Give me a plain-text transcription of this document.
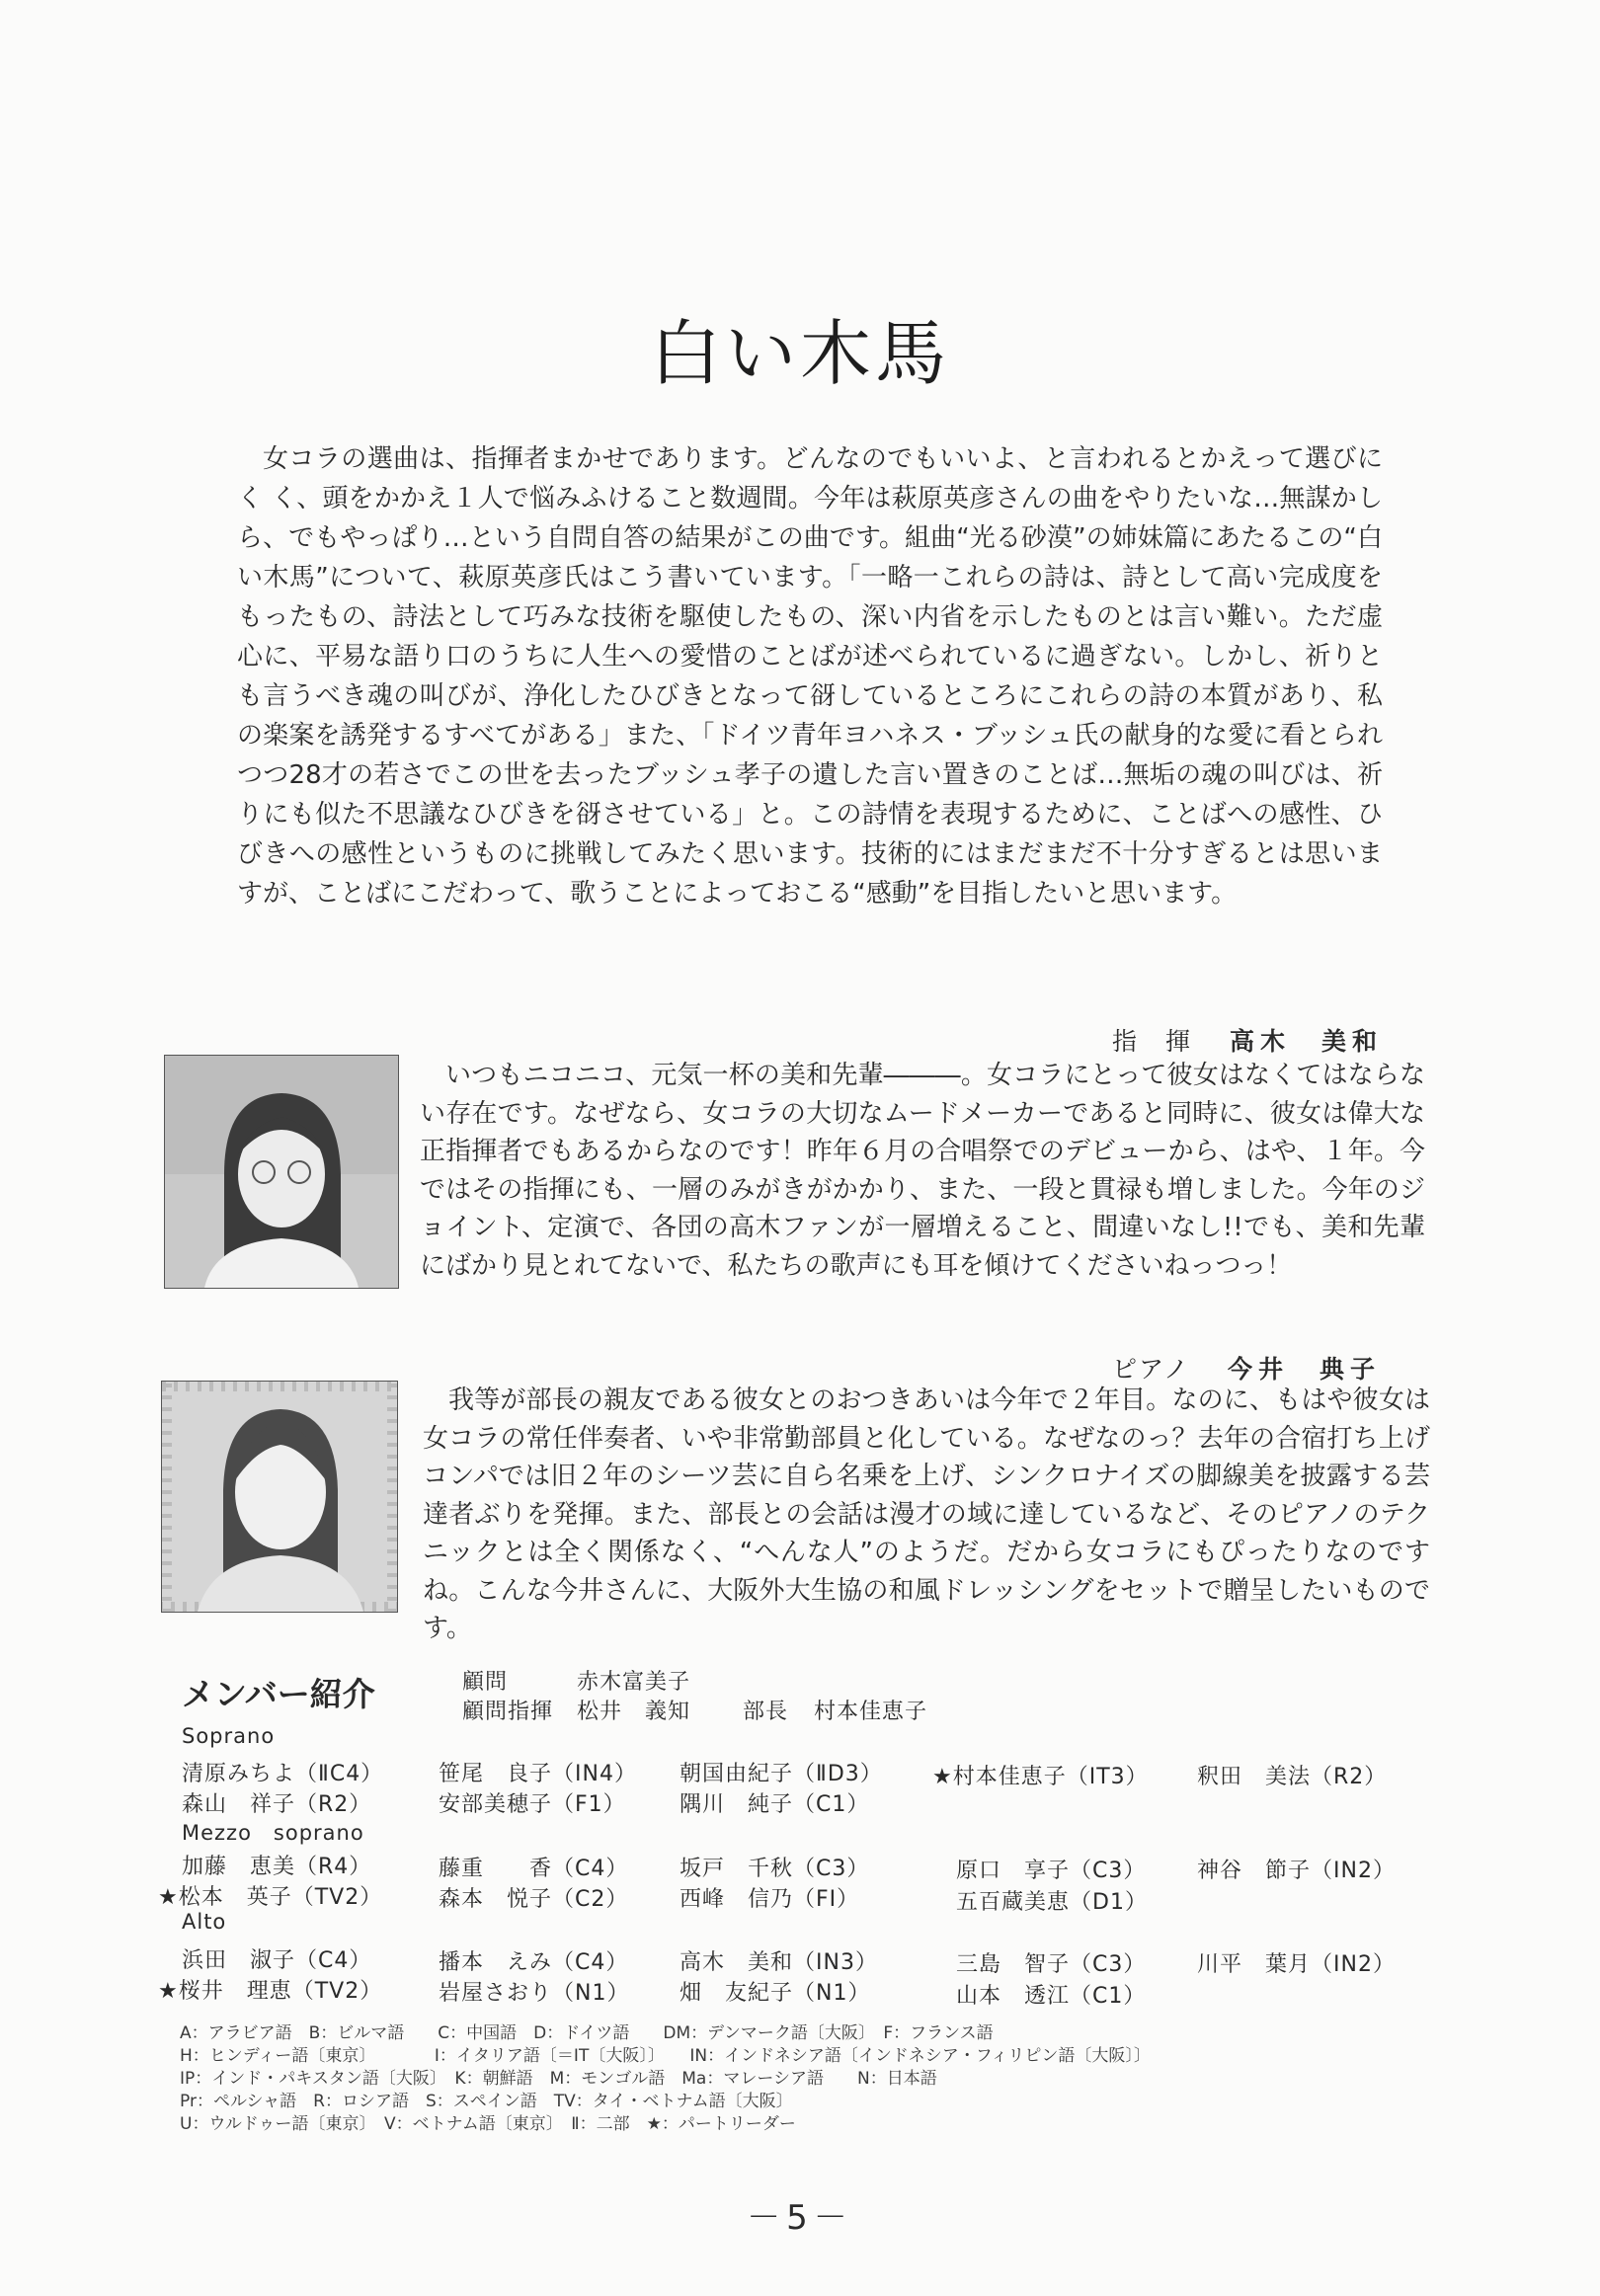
白い木馬

女コラの選曲は、指揮者まかせであります。どんなのでもいいよ、と言われるとかえって選びにく く、頭をかかえ１人で悩みふけること数週間。今年は萩原英彦さんの曲をやりたいな…無謀かしら、でもやっぱり…という自問自答の結果がこの曲です。組曲“光る砂漠”の姉妹篇にあたるこの“白い木馬”について、萩原英彦氏はこう書いています。「一略一これらの詩は、詩として高い完成度をもったもの、詩法として巧みな技術を駆使したもの、深い内省を示したものとは言い難い。ただ虚心に、平易な語り口のうちに人生への愛惜のことばが述べられているに過ぎない。しかし、祈りとも言うべき魂の叫びが、浄化したひびきとなって谺しているところにこれらの詩の本質があり、私の楽案を誘発するすべてがある」また、「ドイツ青年ヨハネス・ブッシュ氏の献身的な愛に看とられつつ28才の若さでこの世を去ったブッシュ孝子の遺した言い置きのことば…無垢の魂の叫びは、祈りにも似た不思議なひびきを谺させている」と。この詩情を表現するために、ことばへの感性、ひびきへの感性というものに挑戦してみたく思います。技術的にはまだまだ不十分すぎるとは思いますが、ことばにこだわって、歌うことによっておこる“感動”を目指したいと思います。

指　揮 高木　美和

いつもニコニコ、元気一杯の美和先輩―――。女コラにとって彼女はなくてはならない存在です。なぜなら、女コラの大切なムードメーカーであると同時に、彼女は偉大な正指揮者でもあるからなのです！昨年６月の合唱祭でのデビューから、はや、１年。今ではその指揮にも、一層のみがきがかかり、また、一段と貫禄も増しました。今年のジョイント、定演で、各団の高木ファンが一層増えること、間違いなし!!でも、美和先輩にばかり見とれてないで、私たちの歌声にも耳を傾けてくださいねっつっ！

ピアノ 今井　典子

我等が部長の親友である彼女とのおつきあいは今年で２年目。なのに、もはや彼女は女コラの常任伴奏者、いや非常勤部員と化している。なぜなのっ？去年の合宿打ち上げコンパでは旧２年のシーツ芸に自ら名乗を上げ、シンクロナイズの脚線美を披露する芸達者ぶりを発揮。また、部長との会話は漫才の域に達しているなど、そのピアノのテクニックとは全く関係なく、“へんな人”のようだ。だから女コラにもぴったりなのですね。こんな今井さんに、大阪外大生協の和風ドレッシングをセットで贈呈したいものです。

メンバー紹介	顧問	赤木富美子
顧問指揮 松井　義知 部長 村本佳恵子
Soprano
清原みちよ（ⅡC4）	笹尾　良子（IN4） 朝国由紀子（ⅡD3） ★村本佳恵子（IT3） 釈田　美法（R2）
森山　祥子（R2）	安部美穂子（F1） 隅川　純子（C1）
Mezzo　soprano
加藤　恵美（R4）	藤重　　香（C4） 坂戸　千秋（C3）	原口　享子（C3） 神谷　節子（IN2）
★松本　英子（TV2）	森本　悦子（C2） 西峰　信乃（FI）	五百蔵美恵（D1）
Alto
浜田　淑子（C4）	播本　えみ（C4） 高木　美和（IN3）	三島　智子（C3） 川平　葉月（IN2）
★桜井　理恵（TV2）	岩屋さおり（N1） 畑　友紀子（N1）	山本　透江（C1）
A：アラビア語　B：ビルマ語　　C：中国語　D：ドイツ語　　DM：デンマーク語〔大阪〕　F：フランス語
H：ヒンディー語〔東京〕　　　　I：イタリア語〔＝IT〔大阪〕〕　　IN：インドネシア語〔インドネシア・フィリピン語〔大阪〕〕
IP：インド・パキスタン語〔大阪〕　K：朝鮮語　M：モンゴル語　Ma：マレーシア語　　N：日本語
Pr：ペルシャ語　R：ロシア語　S：スペイン語　TV：タイ・ベトナム語〔大阪〕
U：ウルドゥー語〔東京〕　V：ベトナム語〔東京〕　Ⅱ：二部　★：パートリーダー
－5－
